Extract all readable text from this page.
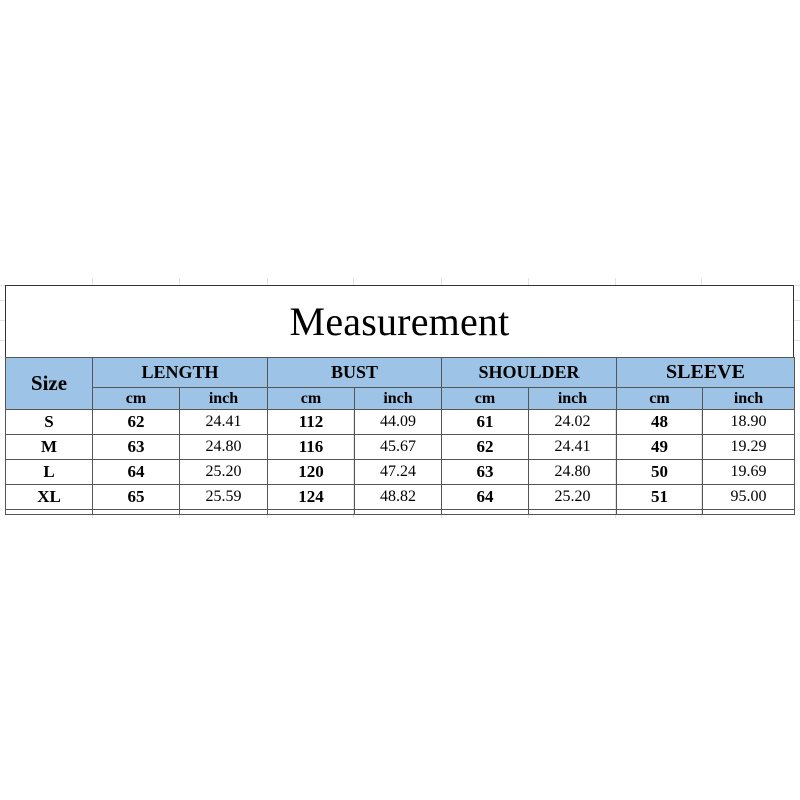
Measurement
Size	LENGTH		BUST		SHOULDER		SLEEVE	
	cm	inch	cm	inch	cm	inch	cm	inch
S	62	24.41	112	44.09	61	24.02	48	18.90
M	63	24.80	116	45.67	62	24.41	49	19.29
L	64	25.20	120	47.24	63	24.80	50	19.69
XL	65	25.59	124	48.82	64	25.20	51	95.00
